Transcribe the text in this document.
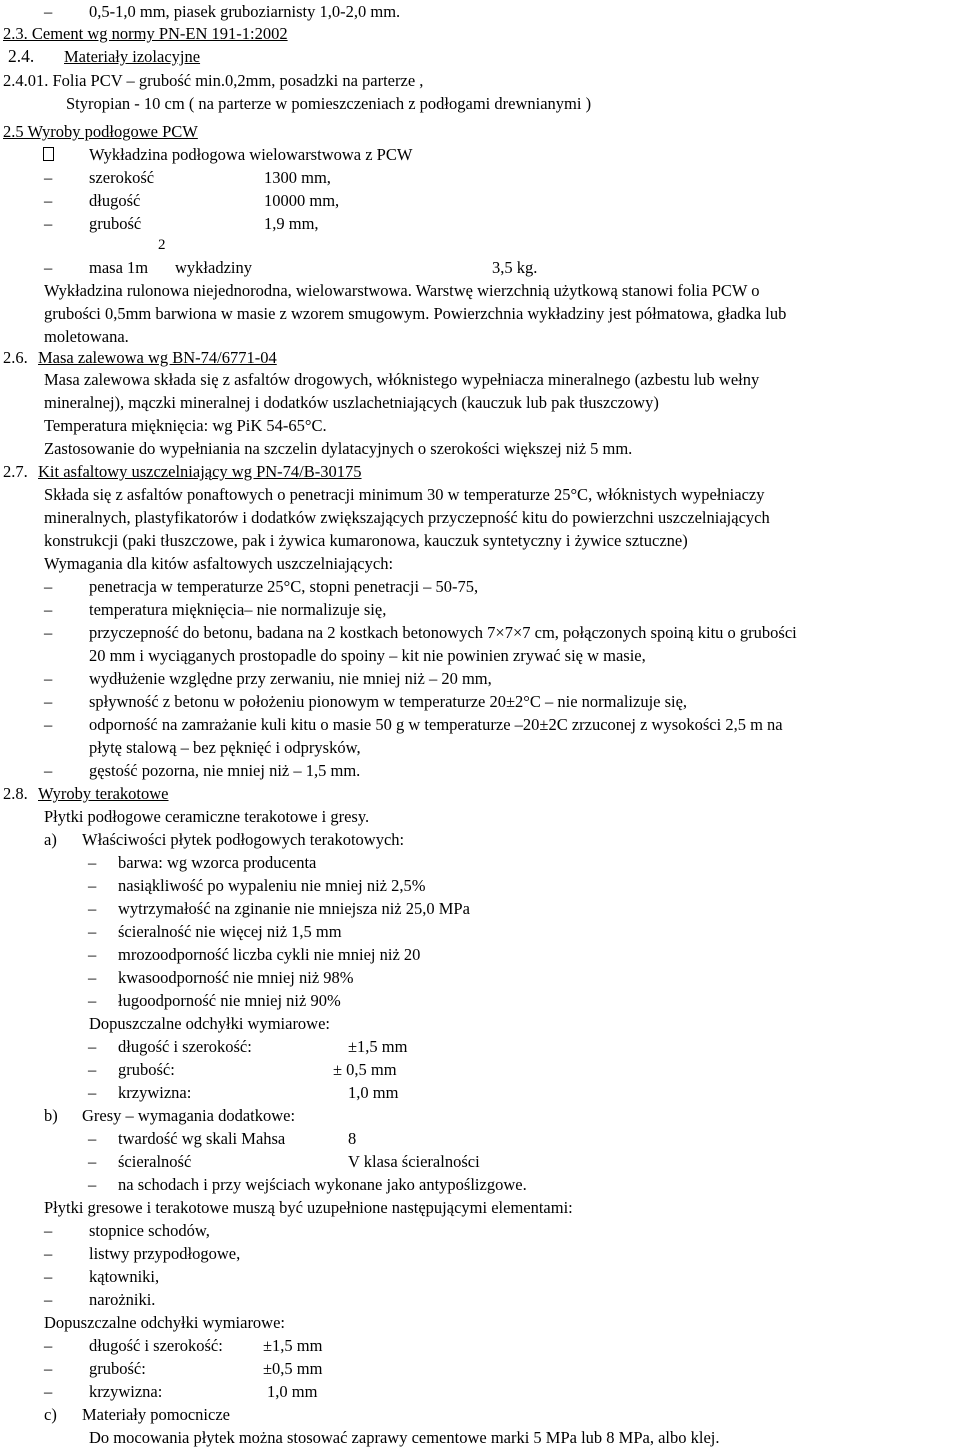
– 0,5-1,0 mm, piasek gruboziarnisty 1,0-2,0 mm.
2.3. Cement wg normy PN-EN 191-1:2002
2.4. Materiały izolacyjne
2.4.01. Folia PCV – grubość min.0,2mm, posadzki na parterze ,
Styropian - 10 cm ( na parterze w pomieszczeniach z podłogami drewnianymi )
2.5 Wyroby podłogowe PCW
Wykładzina podłogowa wielowarstwowa z PCW
– szerokość	1300 mm,
– długość	10000 mm,
– grubość	1,9 mm,
2
– masa 1m wykładziny	3,5 kg.
Wykładzina rulonowa niejednorodna, wielowarstwowa. Warstwę wierzchnią użytkową stanowi folia PCW o
grubości 0,5mm barwiona w masie z wzorem smugowym. Powierzchnia wykładziny jest półmatowa, gładka lub
moletowana.
2.6. Masa zalewowa wg BN-74/6771-04
Masa zalewowa składa się z asfaltów drogowych, włóknistego wypełniacza mineralnego (azbestu lub wełny
mineralnej), mączki mineralnej i dodatków uszlachetniających (kauczuk lub pak tłuszczowy)
Temperatura mięknięcia: wg PiK 54-65°C.
Zastosowanie do wypełniania na szczelin dylatacyjnych o szerokości większej niż 5 mm.
2.7. Kit asfaltowy uszczelniający wg PN-74/B-30175
Składa się z asfaltów ponaftowych o penetracji minimum 30 w temperaturze 25°C, włóknistych wypełniaczy
mineralnych, plastyfikatorów i dodatków zwiększających przyczepność kitu do powierzchni uszczelniających
konstrukcji (paki tłuszczowe, pak i żywica kumaronowa, kauczuk syntetyczny i żywice sztuczne)
Wymagania dla kitów asfaltowych uszczelniających:
– penetracja w temperaturze 25°C, stopni penetracji – 50-75,
– temperatura mięknięcia– nie normalizuje się,
– przyczepność do betonu, badana na 2 kostkach betonowych 7×7×7 cm, połączonych spoiną kitu o grubości
20 mm i wyciąganych prostopadle do spoiny – kit nie powinien zrywać się w masie,
– wydłużenie względne przy zerwaniu, nie mniej niż – 20 mm,
– spływność z betonu w położeniu pionowym w temperaturze 20±2°C – nie normalizuje się,
– odporność na zamrażanie kuli kitu o masie 50 g w temperaturze –20±2C zrzuconej z wysokości 2,5 m na
płytę stalową – bez pęknięć i odprysków,
– gęstość pozorna, nie mniej niż – 1,5 mm.
2.8. Wyroby terakotowe
Płytki podłogowe ceramiczne terakotowe i gresy.
a) Właściwości płytek podłogowych terakotowych:
– barwa: wg wzorca producenta
– nasiąkliwość po wypaleniu nie mniej niż 2,5%
– wytrzymałość na zginanie nie mniejsza niż 25,0 MPa
– ścieralność nie więcej niż 1,5 mm
– mrozoodporność liczba cykli nie mniej niż 20
– kwasoodporność nie mniej niż 98%
– ługoodporność nie mniej niż 90%
Dopuszczalne odchyłki wymiarowe:
– długość i szerokość:	±1,5 mm
– grubość:	± 0,5 mm
– krzywizna:	1,0 mm
b) Gresy – wymagania dodatkowe:
– twardość wg skali Mahsa	8
– ścieralność	V klasa ścieralności
– na schodach i przy wejściach wykonane jako antypoślizgowe.
Płytki gresowe i terakotowe muszą być uzupełnione następującymi elementami:
– stopnice schodów,
– listwy przypodłogowe,
– kątowniki,
– narożniki.
Dopuszczalne odchyłki wymiarowe:
– długość i szerokość: ±1,5 mm
– grubość:	±0,5 mm
– krzywizna:	1,0 mm
c) Materiały pomocnicze
Do mocowania płytek można stosować zaprawy cementowe marki 5 MPa lub 8 MPa, albo klej.
